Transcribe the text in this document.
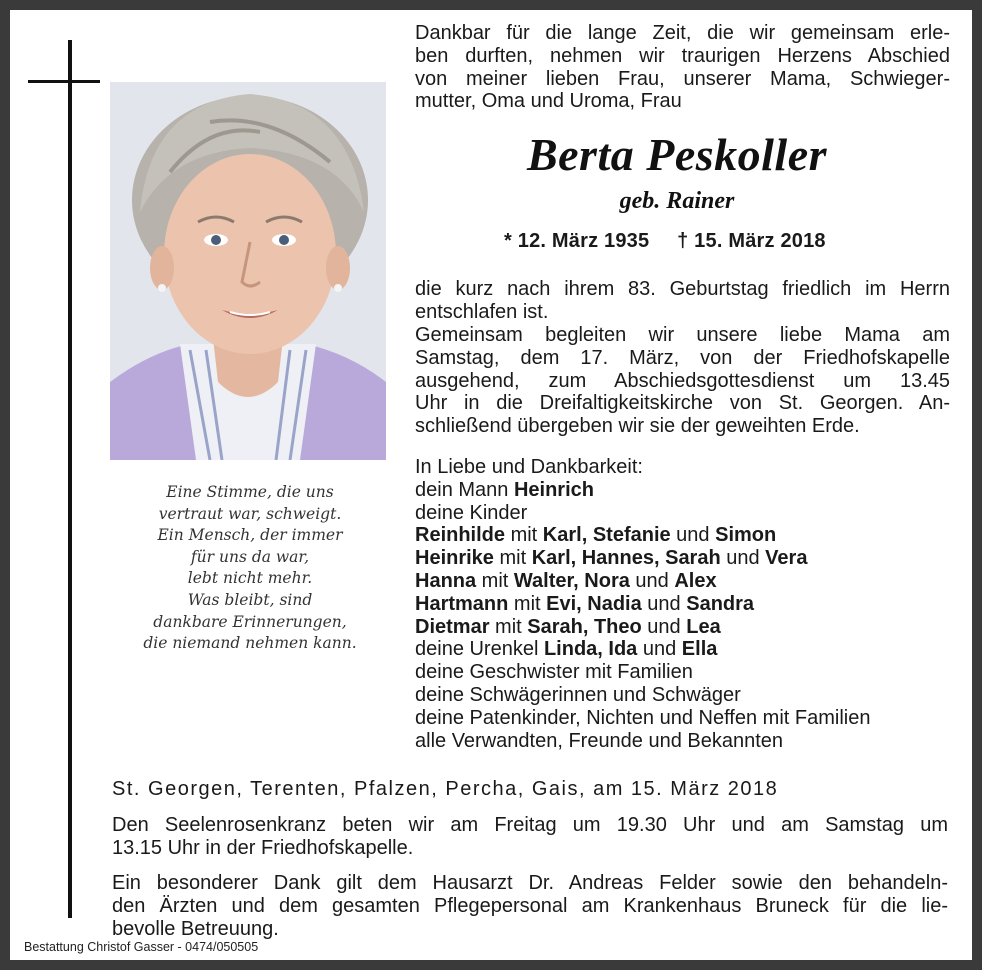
Eine Stimme, die uns
vertraut war, schweigt.
Ein Mensch, der immer
für uns da war,
lebt nicht mehr.
Was bleibt, sind
dankbare Erinnerungen,
die niemand nehmen kann.
Dankbar für die lange Zeit, die wir gemeinsam erle-
ben durften, nehmen wir traurigen Herzens Abschied
von meiner lieben Frau, unserer Mama, Schwieger-
mutter, Oma und Uroma, Frau
Berta Peskoller
geb. Rainer
* 12. März 1935 † 15. März 2018
die kurz nach ihrem 83. Geburtstag friedlich im Herrn
entschlafen ist.
Gemeinsam begleiten wir unsere liebe Mama am
Samstag, dem 17. März, von der Friedhofskapelle
ausgehend, zum Abschiedsgottesdienst um 13.45
Uhr in die Dreifaltigkeitskirche von St. Georgen. An-
schließend übergeben wir sie der geweihten Erde.
In Liebe und Dankbarkeit:
dein Mann Heinrich
deine Kinder
Reinhilde mit Karl, Stefanie und Simon
Heinrike mit Karl, Hannes, Sarah und Vera
Hanna mit Walter, Nora und Alex
Hartmann mit Evi, Nadia und Sandra
Dietmar mit Sarah, Theo und Lea
deine Urenkel Linda, Ida und Ella
deine Geschwister mit Familien
deine Schwägerinnen und Schwäger
deine Patenkinder, Nichten und Neffen mit Familien
alle Verwandten, Freunde und Bekannten
St. Georgen, Terenten, Pfalzen, Percha, Gais, am 15. März 2018
Den Seelenrosenkranz beten wir am Freitag um 19.30 Uhr und am Samstag um
13.15 Uhr in der Friedhofskapelle.
Ein besonderer Dank gilt dem Hausarzt Dr. Andreas Felder sowie den behandeln-
den Ärzten und dem gesamten Pflegepersonal am Krankenhaus Bruneck für die lie-
bevolle Betreuung.
Bestattung Christof Gasser - 0474/050505
